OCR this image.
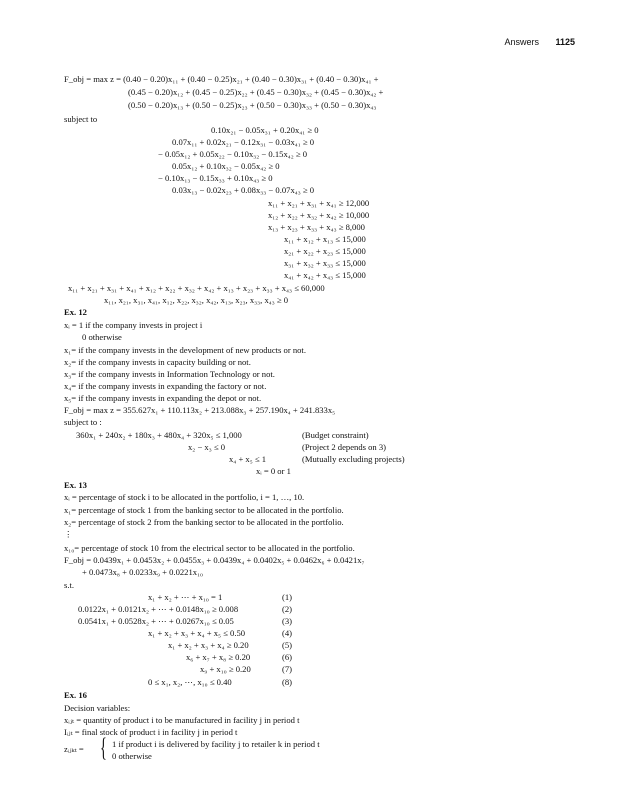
Answers 1125
F_obj = max z = (0.40 − 0.20)x₁₁ + (0.40 − 0.25)x₂₁ + (0.40 − 0.30)x₃₁ + (0.40 − 0.30)x₄₁ +
(0.45 − 0.20)x₁₂ + (0.45 − 0.25)x₂₂ + (0.45 − 0.30)x₃₂ + (0.45 − 0.30)x₄₂ +
(0.50 − 0.20)x₁₃ + (0.50 − 0.25)x₂₃ + (0.50 − 0.30)x₃₃ + (0.50 − 0.30)x₄₃
subject to
0.10x₂₁ − 0.05x₃₁ + 0.20x₄₁ ≥ 0
0.07x₁₁ + 0.02x₂₁ − 0.12x₃₁ − 0.03x₄₁ ≥ 0
− 0.05x₁₂ + 0.05x₂₂ − 0.10x₃₂ − 0.15x₄₂ ≥ 0
0.05x₁₂ + 0.10x₃₂ − 0.05x₄₂ ≥ 0
− 0.10x₁₃ − 0.15x₃₃ + 0.10x₄₃ ≥ 0
0.03x₁₃ − 0.02x₂₃ + 0.08x₃₃ − 0.07x₄₃ ≥ 0
x₁₁ + x₂₁ + x₃₁ + x₄₁ ≥ 12,000
x₁₂ + x₂₂ + x₃₂ + x₄₂ ≥ 10,000
x₁₃ + x₂₃ + x₃₃ + x₄₃ ≥ 8,000
x₁₁ + x₁₂ + x₁₃ ≤ 15,000
x₂₁ + x₂₂ + x₂₃ ≤ 15,000
x₃₁ + x₃₂ + x₃₃ ≤ 15,000
x₄₁ + x₄₂ + x₄₃ ≤ 15,000
x₁₁ + x₂₁ + x₃₁ + x₄₁ + x₁₂ + x₂₂ + x₃₂ + x₄₂ + x₁₃ + x₂₃ + x₃₃ + x₄₃ ≤ 60,000
x₁₁, x₂₁, x₃₁, x₄₁, x₁₂, x₂₂, x₃₂, x₄₂, x₁₃, x₂₃, x₃₃, x₄₃ ≥ 0
Ex. 12
xᵢ = 1 if the company invests in project i
0 otherwise
x₁= if the company invests in the development of new products or not.
x₂= if the company invests in capacity building or not.
x₃= if the company invests in Information Technology or not.
x₄= if the company invests in expanding the factory or not.
x₅= if the company invests in expanding the depot or not.
F_obj = max z = 355.627x₁ + 110.113x₂ + 213.088x₃ + 257.190x₄ + 241.833x₅
subject to :
360x₁ + 240x₂ + 180x₃ + 480x₄ + 320x₅ ≤ 1,000	(Budget constraint)
x₂ − x₃ ≤ 0	(Project 2 depends on 3)
x₄ + x₅ ≤ 1	(Mutually excluding projects)
xᵢ = 0 or 1
Ex. 13
xᵢ = percentage of stock i to be allocated in the portfolio, i = 1, …, 10.
x₁= percentage of stock 1 from the banking sector to be allocated in the portfolio.
x₂= percentage of stock 2 from the banking sector to be allocated in the portfolio.
⋮
x₁₀= percentage of stock 10 from the electrical sector to be allocated in the portfolio.
F_obj = 0.0439x₁ + 0.0453x₂ + 0.0455x₃ + 0.0439x₄ + 0.0402x₅ + 0.0462x₆ + 0.0421x₇
+ 0.0473x₈ + 0.0233x₉ + 0.0221x₁₀
s.t.
x₁ + x₂ + ⋯ + x₁₀ = 1	(1)
0.0122x₁ + 0.0121x₂ + ⋯ + 0.0148x₁₀ ≥ 0.008	(2)
0.0541x₁ + 0.0528x₂ + ⋯ + 0.0267x₁₀ ≤ 0.05	(3)
x₁ + x₂ + x₃ + x₄ + x₅ ≤ 0.50	(4)
x₁ + x₂ + x₃ + x₄ ≥ 0.20	(5)
x₆ + x₇ + x₈ ≥ 0.20	(6)
x₉ + x₁₀ ≥ 0.20	(7)
0 ≤ x₁, x₂, ⋯, x₁₀ ≤ 0.40	(8)
Ex. 16
Decision variables:
xᵢⱼₜ = quantity of product i to be manufactured in facility j in period t
Iᵢⱼₜ = final stock of product i in facility j in period t
zᵢⱼₖₜ = { 1 if product i is delivered by facility j to retailer k in period t
0 otherwise
